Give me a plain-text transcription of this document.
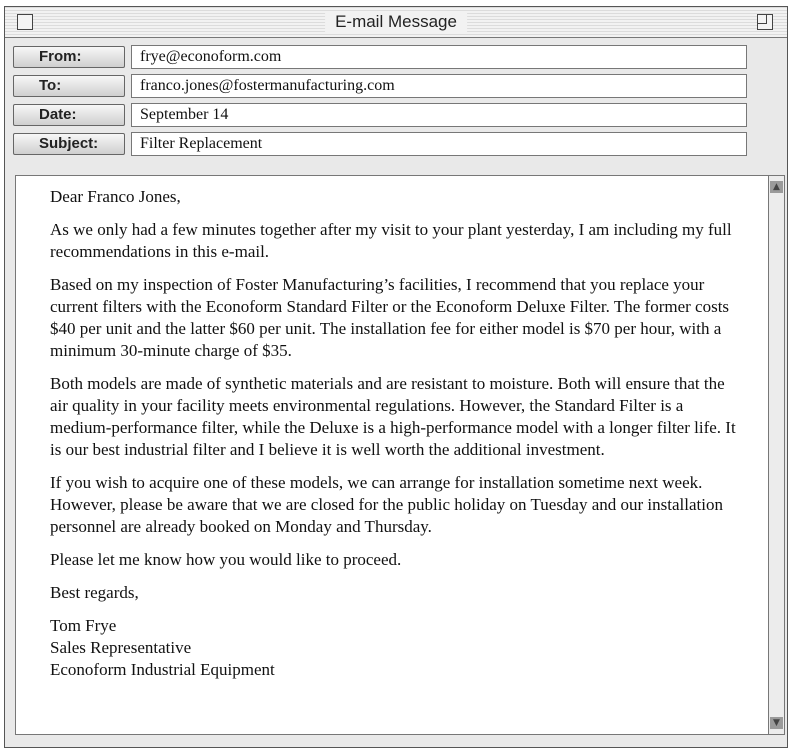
E-mail Message
From:	frye@econoform.com
To:	franco.jones@fostermanufacturing.com
Date:	September 14
Subject:	Filter Replacement

Dear Franco Jones,

As we only had a few minutes together after my visit to your plant yesterday, I am including my full recommendations in this e-mail.

Based on my inspection of Foster Manufacturing’s facilities, I recommend that you replace your current filters with the Econoform Standard Filter or the Econoform Deluxe Filter. The former costs $40 per unit and the latter $60 per unit. The installation fee for either model is $70 per hour, with a minimum 30-minute charge of $35.

Both models are made of synthetic materials and are resistant to moisture. Both will ensure that the air quality in your facility meets environmental regulations. However, the Standard Filter is a medium-performance filter, while the Deluxe is a high-performance model with a longer filter life. It is our best industrial filter and I believe it is well worth the additional investment.

If you wish to acquire one of these models, we can arrange for installation sometime next week. However, please be aware that we are closed for the public holiday on Tuesday and our installation personnel are already booked on Monday and Thursday.

Please let me know how you would like to proceed.

Best regards,

Tom Frye
Sales Representative
Econoform Industrial Equipment
▲
▼
